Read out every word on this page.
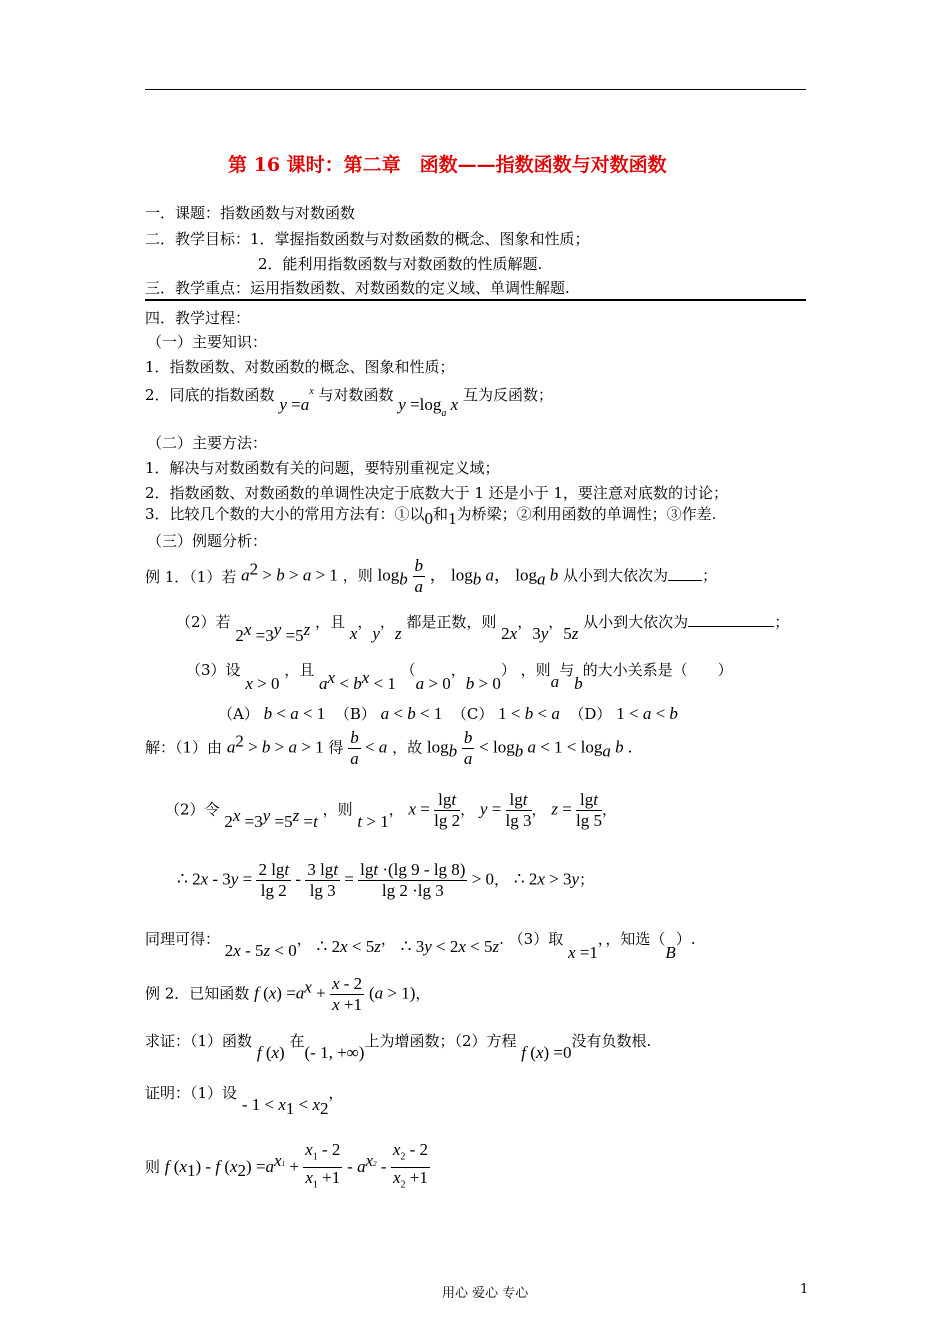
第 16 课时：第二章　函数——指数函数与对数函数
一．课题：指数函数与对数函数
二．教学目标：1．掌握指数函数与对数函数的概念、图象和性质；
2．能利用指数函数与对数函数的性质解题.
三．教学重点：运用指数函数、对数函数的定义域、单调性解题.
四．教学过程：
（一）主要知识：
1．指数函数、对数函数的概念、图象和性质；
2．同底的指数函数 $y =a^x$ 与对数函数 $y =\log_a$ x 互为反函数；
（二）主要方法：
1．解决与对数函数有关的问题，要特别重视定义域；
2．指数函数、对数函数的单调性决定于底数大于 1 还是小于 1，要注意对底数的讨论；
3．比较几个数的大小的常用方法有：①以0和1为桥梁；②利用函数的单调性；③作差.
（三）例题分析：
例 1．（1）若 $a^2 > b > a > 1$ ，则 $\log_b \frac{b}{a}$ ， $\log_b a$， $\log_a b$ 从小到大依次为 ；
（2）若 $2^x =3^y =5^z$ ，且 x，y，z 都是正数，则 2x，3y，5z 从小到大依次为	；
（3）设 x > 0 ，且 $a^x < b^x < 1$ （a > 0，b > 0） ，则a与b的大小关系是（　　）
（A） b < a < 1 （B） a < b < 1 （C） 1 < b < a （D） 1 < a < b
解：（1）由 $a^2 > b > a > 1$ 得 $\frac{b}{a} < a$ ，故 $\log_b \frac{b}{a} < \log_b a < 1 < \log_a b$ .
（2）令 $2^x =3^y =5^z =t$ ，则 t > 1， $x = \frac{\lg t}{\lg 2}$ ， $y = \frac{\lg t}{\lg 3}$ ， $z = \frac{\lg t}{\lg 5}$ ，
∴ $2x - 3y = \frac{2 \lg t}{\lg 2} - \frac{3 \lg t}{\lg 3} = \frac{\lg t \cdot(\lg 9 - \lg 8)}{\lg 2 \cdot\lg 3} > 0$， ∴ 2x > 3y；
同理可得： 2x - 5z < 0， ∴ 2x < 5z， ∴ 3y < 2x < 5z. （3）取 x =1，，知选（B）.
例 2．已知函数 f $(x) =a^x + \frac{x - 2}{x +1} (a > 1)$，
求证：（1）函数 f (x) 在(- 1, +∞)上为增函数；（2）方程 f (x) =0没有负数根.
证明：（1）设 - $1 < x_1 < x_2$，
则 f $(x_1)$ - f $(x_2) =a^{x1} + \frac{x_1 - 2}{x_1 +1} - a^{x2} - \frac{x_2 - 2}{x_2 +1}$
用心 爱心 专心	1
